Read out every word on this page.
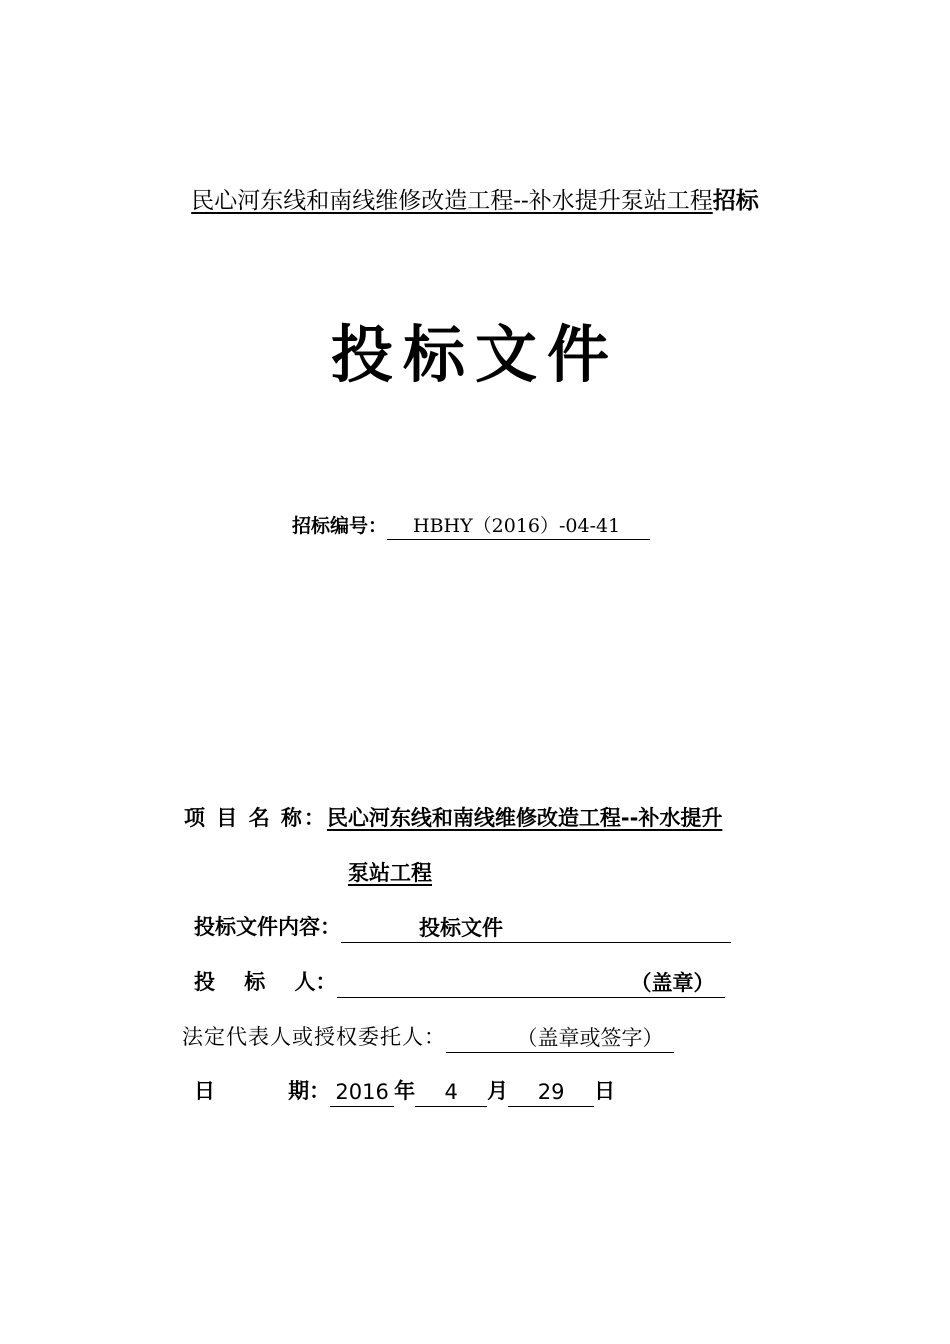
民心河东线和南线维修改造工程--补水提升泵站工程招标
投标文件
招标编号： HBHY（2016）-04-41
项 目 名 称：民心河东线和南线维修改造工程--补水提升
泵站工程
投标文件内容：	投标文件
投    标    人：	（盖章）
法定代表人或授权委托人：	（盖章或签字）
日          期： 2016 年 4 月 29 日
